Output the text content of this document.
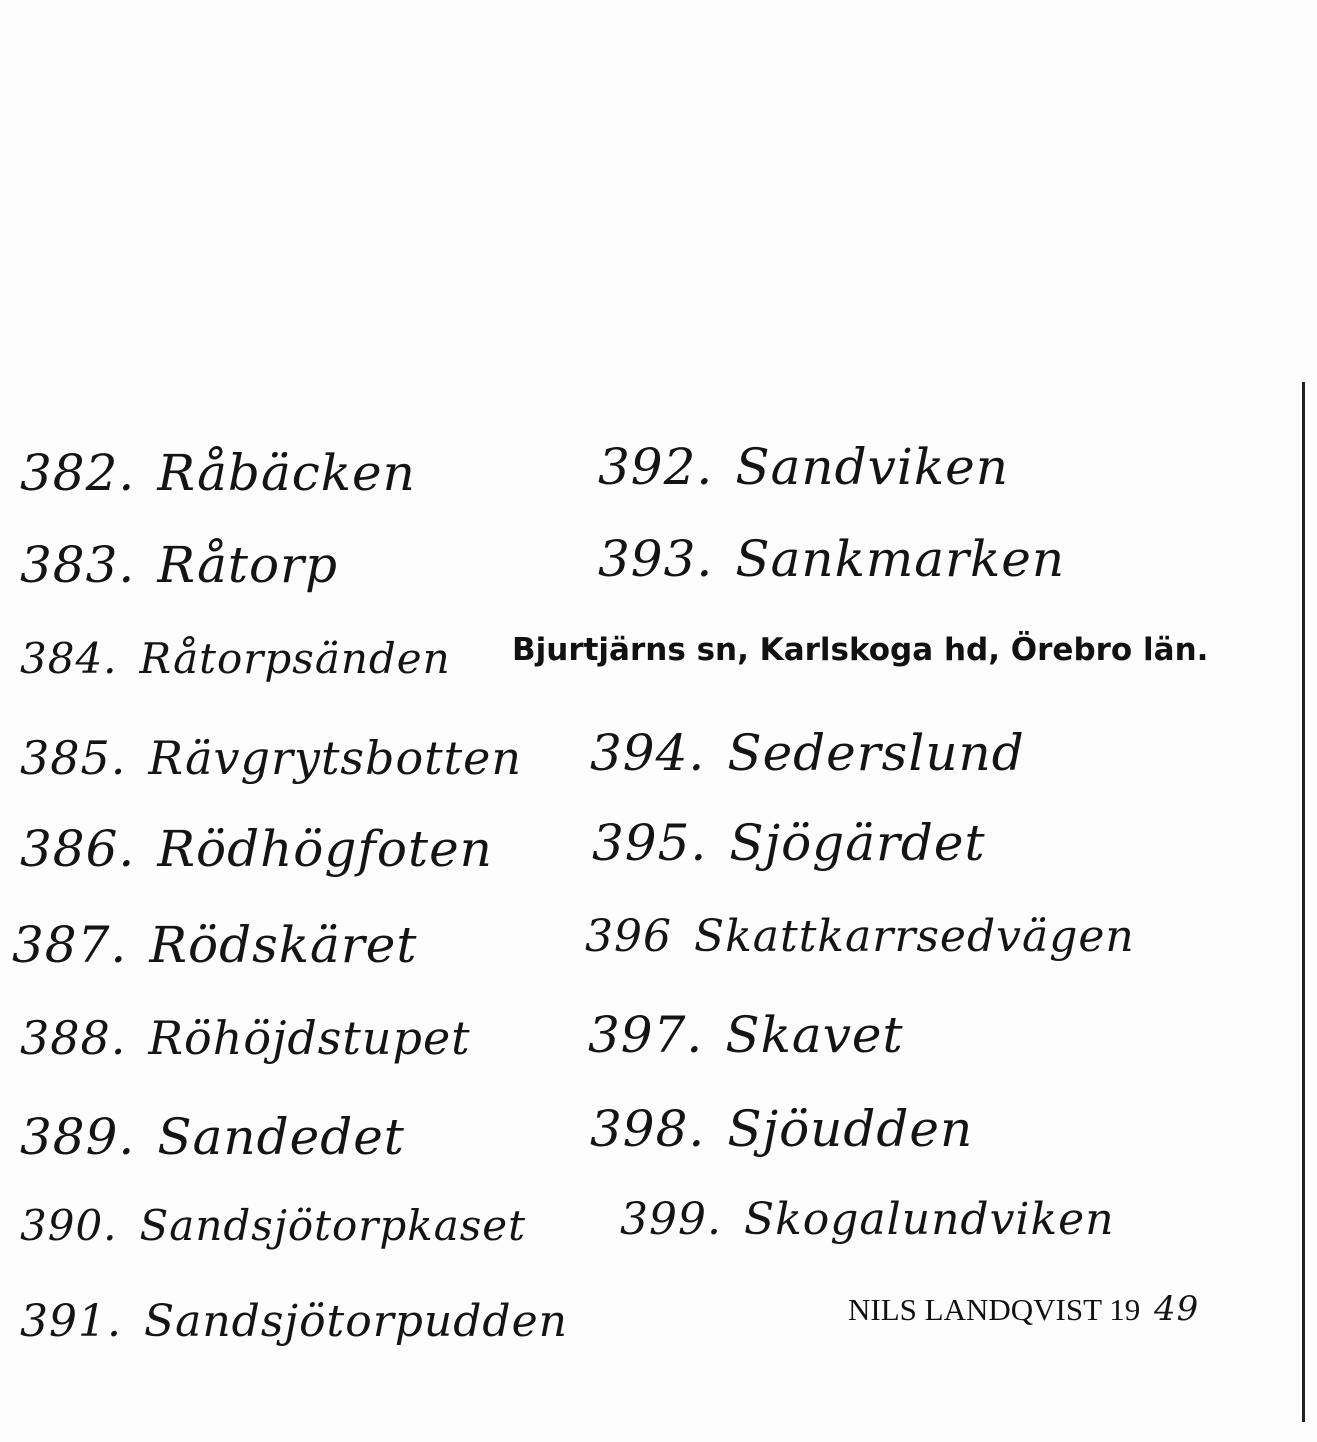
382. Råbäcken
383. Råtorp
384. Råtorpsänden
385. Rävgrytsbotten
386. Rödhögfoten
387. Rödskäret
388. Röhöjdstupet
389. Sandedet
390. Sandsjötorpkaset
391. Sandsjötorpudden
392. Sandviken
393. Sankmarken
394. Sederslund
395. Sjögärdet
396 Skattkarrsedvägen
397. Skavet
398. Sjöudden
399. Skogalundviken
Bjurtjärns sn, Karlskoga hd, Örebro län.
NILS LANDQVIST 19 49
